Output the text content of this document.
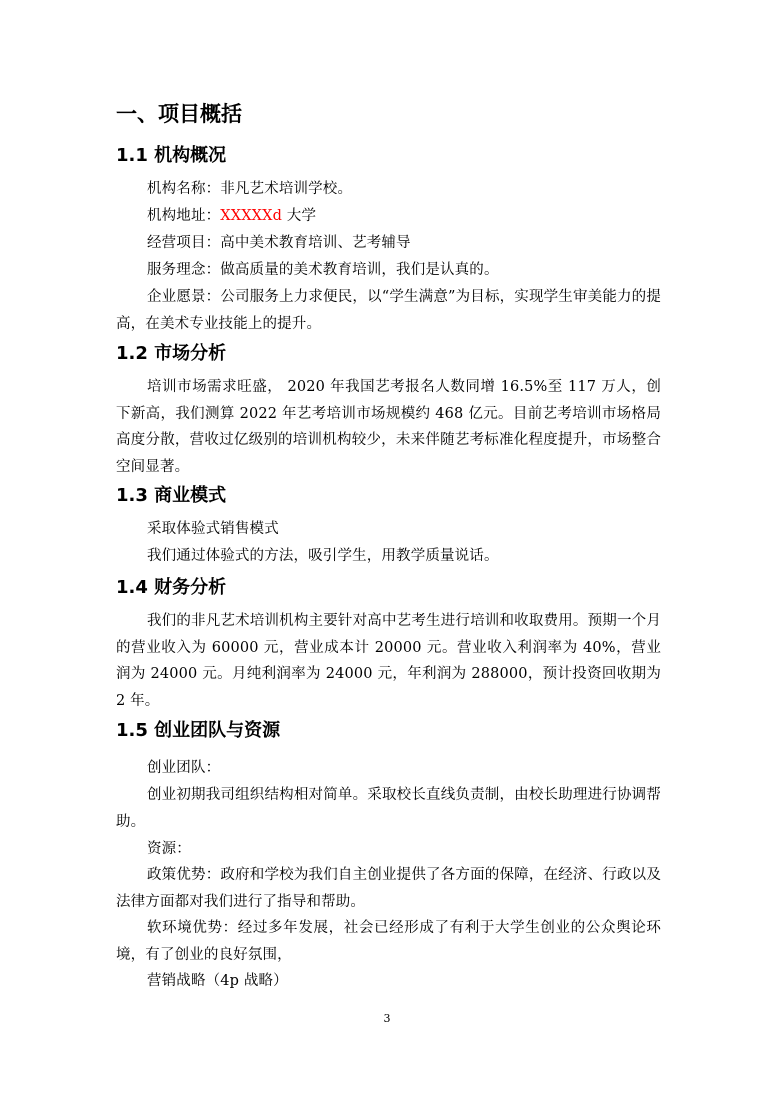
一、项目概括
1.1 机构概况

机构名称：非凡艺术培训学校。

机构地址：XXXXXd 大学

经营项目：高中美术教育培训、艺考辅导

服务理念：做高质量的美术教育培训，我们是认真的。

企业愿景：公司服务上力求便民，以“学生满意”为目标，实现学生审美能力的提高，在美术专业技能上的提升。

1.2 市场分析

培训市场需求旺盛， 2020 年我国艺考报名人数同增 16.5%至 117 万人，创下新高，我们测算 2022 年艺考培训市场规模约 468 亿元。目前艺考培训市场格局高度分散，营收过亿级别的培训机构较少，未来伴随艺考标准化程度提升，市场整合空间显著。

1.3 商业模式

采取体验式销售模式

我们通过体验式的方法，吸引学生，用教学质量说话。

1.4 财务分析

我们的非凡艺术培训机构主要针对高中艺考生进行培训和收取费用。预期一个月的营业收入为 60000 元，营业成本计 20000 元。营业收入利润率为 40%，营业润为 24000 元。月纯利润率为 24000 元，年利润为 288000，预计投资回收期为 2 年。

1.5 创业团队与资源

创业团队：

创业初期我司组织结构相对简单。采取校长直线负责制，由校长助理进行协调帮助。

资源：

政策优势：政府和学校为我们自主创业提供了各方面的保障，在经济、行政以及法律方面都对我们进行了指导和帮助。

软环境优势：经过多年发展，社会已经形成了有利于大学生创业的公众舆论环境，有了创业的良好氛围，

营销战略（4p 战略）

3
